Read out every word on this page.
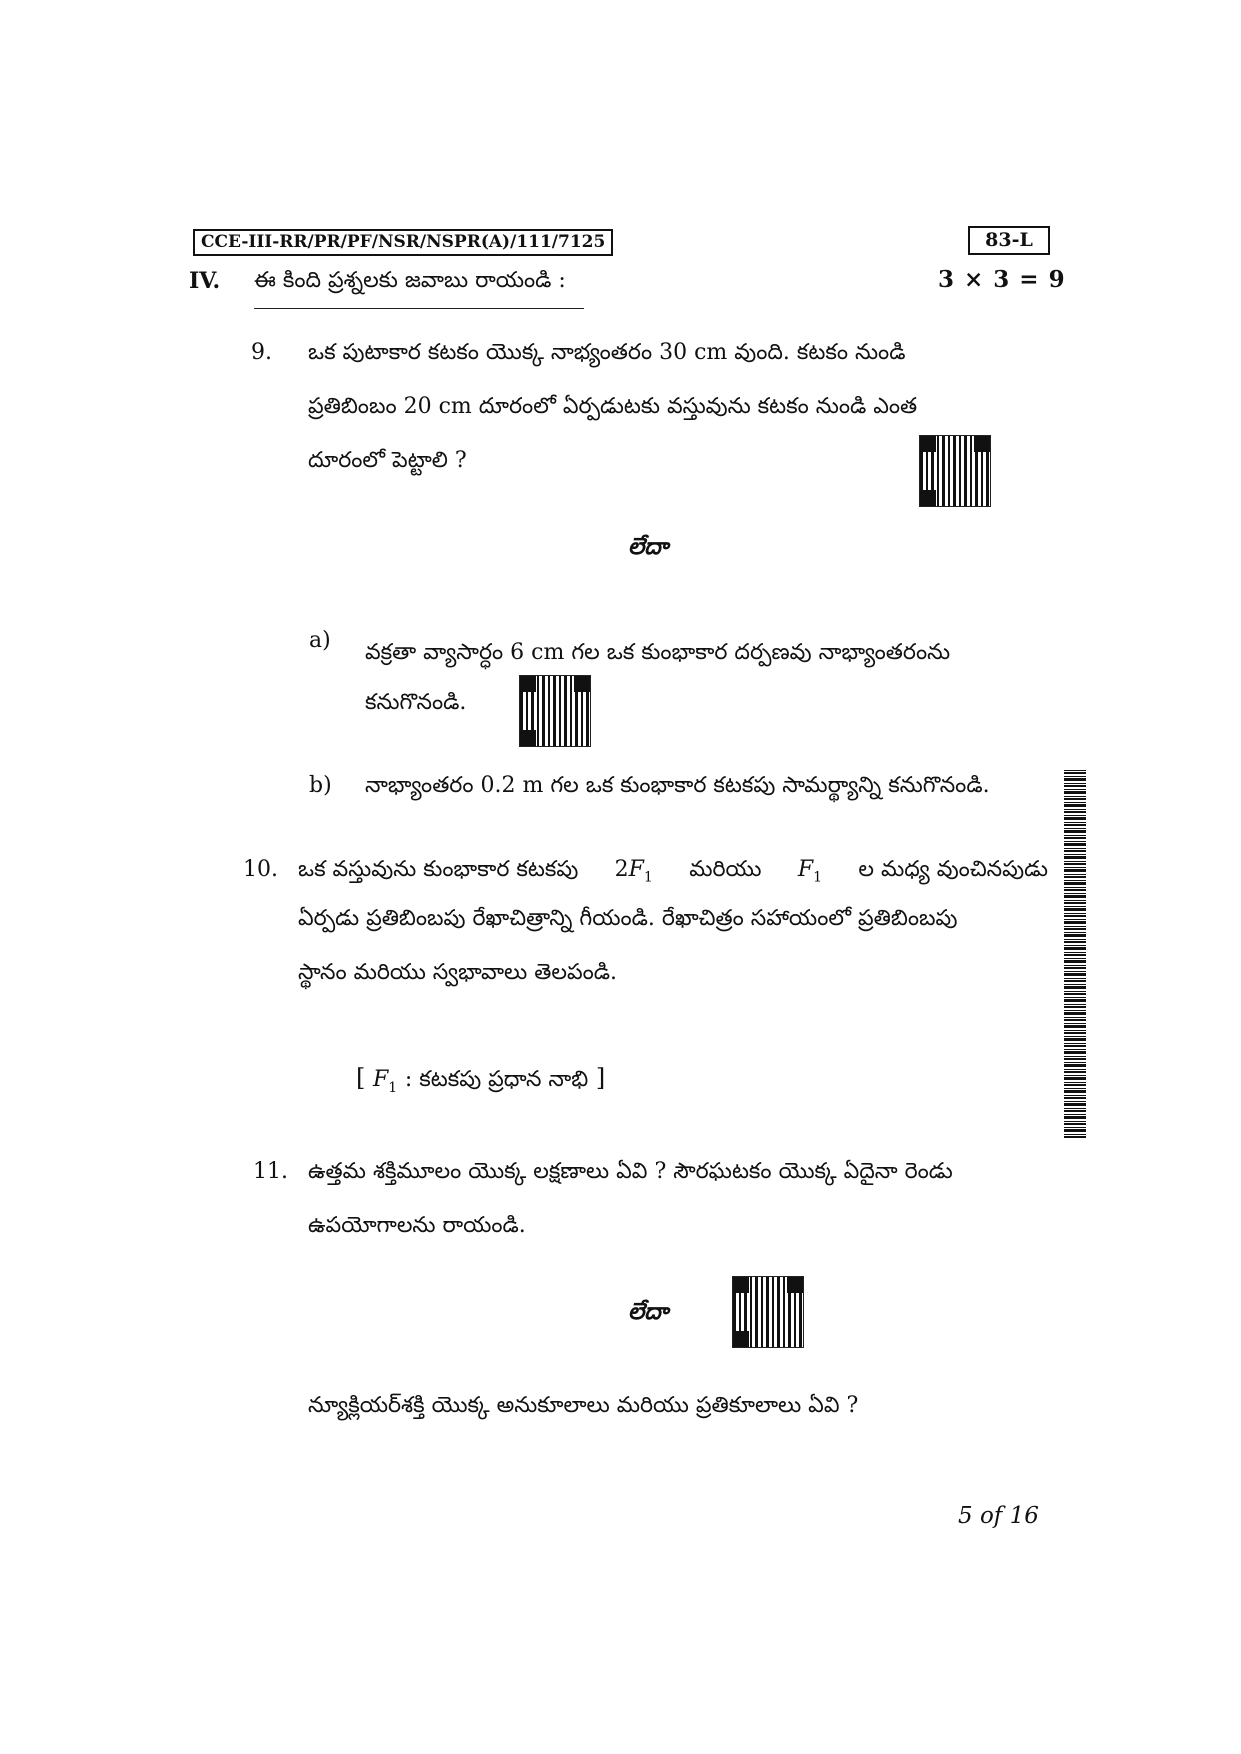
CCE-III-RR/PR/PF/NSR/NSPR(A)/111/7125	83-L
IV. ఈ కింది ప్రశ్నలకు జవాబు రాయండి :	3 × 3 = 9
9. ఒక పుటాకార కటకం యొక్క నాభ్యంతరం 30 cm వుంది. కటకం నుండి
ప్రతిబింబం 20 cm దూరంలో ఏర్పడుటకు వస్తువును కటకం నుండి ఎంత
దూరంలో పెట్టాలి ?
లేదా
a) వక్రతా వ్యాసార్ధం 6 cm గల ఒక కుంభాకార దర్పణవు నాభ్యాంతరంను
కనుగొనండి.
b) నాభ్యాంతరం 0.2 m గల ఒక కుంభాకార కటకపు సామర్థ్యాన్ని కనుగొనండి.
10. ఒక వస్తువును కుంభాకార కటకపు $2F_1$ మరియు $F_1$ ల మధ్య వుంచినపుడు
ఏర్పడు ప్రతిబింబపు రేఖాచిత్రాన్ని గీయండి. రేఖాచిత్రం సహాయంలో ప్రతిబింబపు
స్థానం మరియు స్వభావాలు తెలపండి.
[ $F_1$ : కటకపు ప్రధాన నాభి ]
11. ఉత్తమ శక్తిమూలం యొక్క లక్షణాలు ఏవి ? సౌరఘటకం యొక్క ఏదైనా రెండు
ఉపయోగాలను రాయండి.
లేదా
న్యూక్లియర్‌శక్తి యొక్క అనుకూలాలు మరియు ప్రతికూలాలు ఏవి ?
5 of 16
